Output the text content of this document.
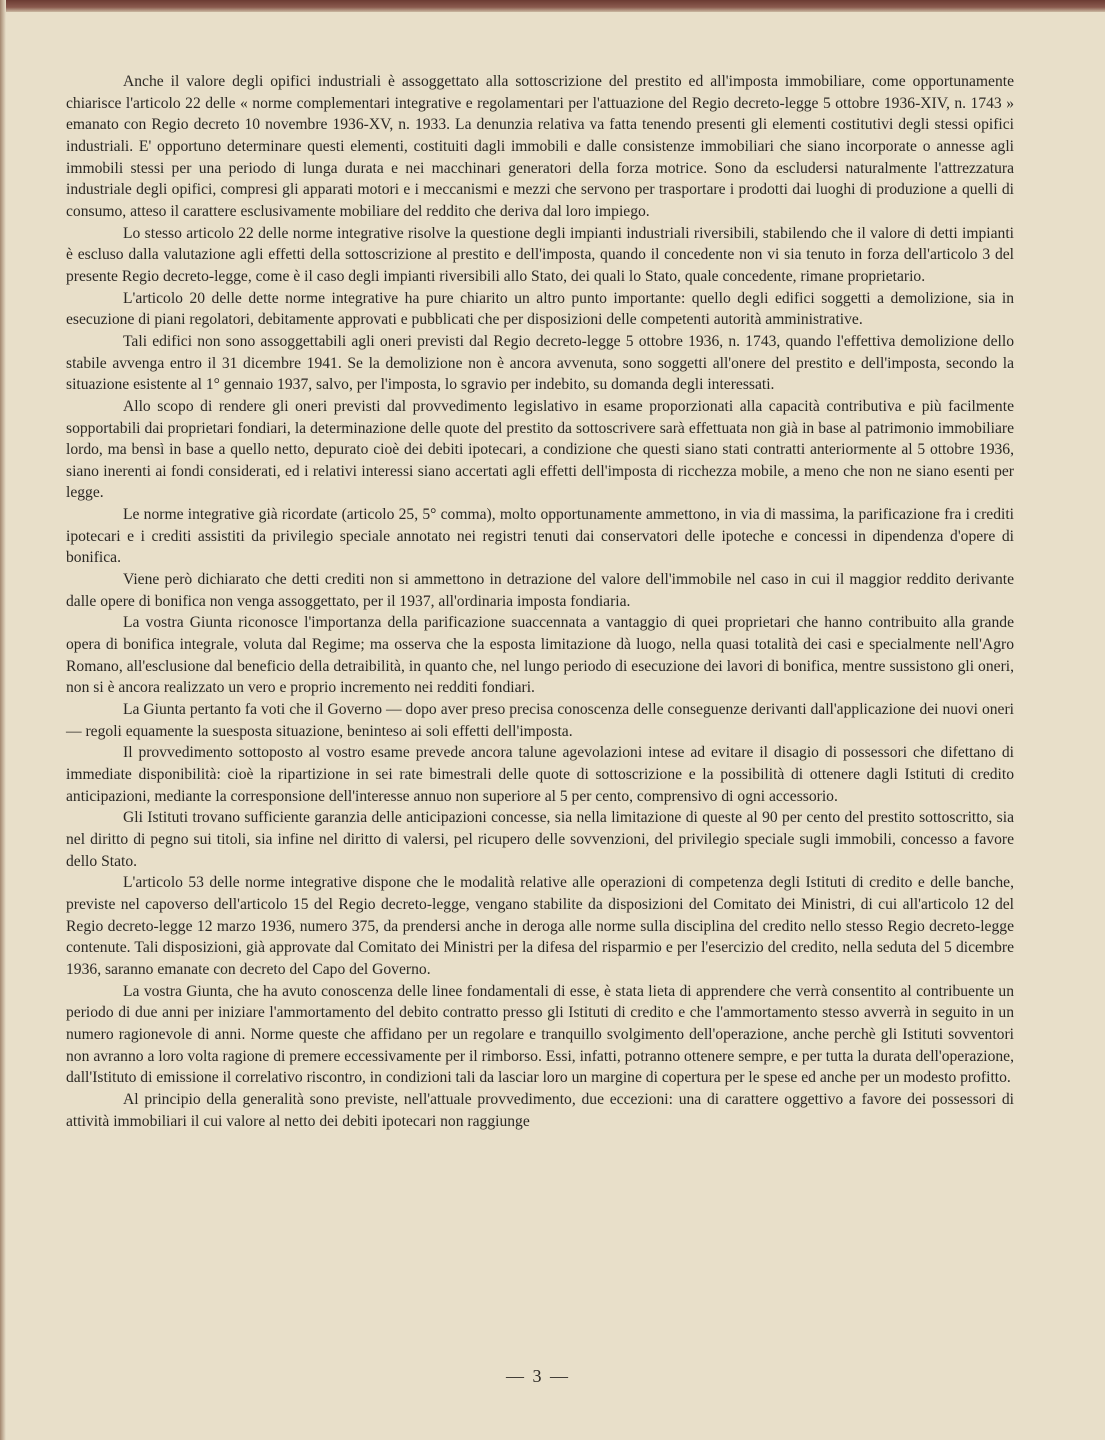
Anche il valore degli opifici industriali è assoggettato alla sottoscrizione del prestito ed all'imposta immobiliare, come opportunamente chiarisce l'articolo 22 delle « norme complementari integrative e regolamentari per l'attuazione del Regio decreto-legge 5 ottobre 1936-XIV, n. 1743 » emanato con Regio decreto 10 novembre 1936-XV, n. 1933. La denunzia relativa va fatta tenendo presenti gli elementi costitutivi degli stessi opifici industriali. E' opportuno determinare questi elementi, costituiti dagli immobili e dalle consistenze immobiliari che siano incorporate o annesse agli immobili stessi per una periodo di lunga durata e nei macchinari generatori della forza motrice. Sono da escludersi naturalmente l'attrezzatura industriale degli opifici, compresi gli apparati motori e i meccanismi e mezzi che servono per trasportare i prodotti dai luoghi di produzione a quelli di consumo, atteso il carattere esclusivamente mobiliare del reddito che deriva dal loro impiego.

Lo stesso articolo 22 delle norme integrative risolve la questione degli impianti industriali riversibili, stabilendo che il valore di detti impianti è escluso dalla valutazione agli effetti della sottoscrizione al prestito e dell'imposta, quando il concedente non vi sia tenuto in forza dell'articolo 3 del presente Regio decreto-legge, come è il caso degli impianti riversibili allo Stato, dei quali lo Stato, quale concedente, rimane proprietario.

L'articolo 20 delle dette norme integrative ha pure chiarito un altro punto importante: quello degli edifici soggetti a demolizione, sia in esecuzione di piani regolatori, debitamente approvati e pubblicati che per disposizioni delle competenti autorità amministrative.

Tali edifici non sono assoggettabili agli oneri previsti dal Regio decreto-legge 5 ottobre 1936, n. 1743, quando l'effettiva demolizione dello stabile avvenga entro il 31 dicembre 1941. Se la demolizione non è ancora avvenuta, sono soggetti all'onere del prestito e dell'imposta, secondo la situazione esistente al 1° gennaio 1937, salvo, per l'imposta, lo sgravio per indebito, su domanda degli interessati.

Allo scopo di rendere gli oneri previsti dal provvedimento legislativo in esame proporzionati alla capacità contributiva e più facilmente sopportabili dai proprietari fondiari, la determinazione delle quote del prestito da sottoscrivere sarà effettuata non già in base al patrimonio immobiliare lordo, ma bensì in base a quello netto, depurato cioè dei debiti ipotecari, a condizione che questi siano stati contratti anteriormente al 5 ottobre 1936, siano inerenti ai fondi considerati, ed i relativi interessi siano accertati agli effetti dell'imposta di ricchezza mobile, a meno che non ne siano esenti per legge.

Le norme integrative già ricordate (articolo 25, 5° comma), molto opportunamente ammettono, in via di massima, la parificazione fra i crediti ipotecari e i crediti assistiti da privilegio speciale annotato nei registri tenuti dai conservatori delle ipoteche e concessi in dipendenza d'opere di bonifica.

Viene però dichiarato che detti crediti non si ammettono in detrazione del valore dell'immobile nel caso in cui il maggior reddito derivante dalle opere di bonifica non venga assoggettato, per il 1937, all'ordinaria imposta fondiaria.

La vostra Giunta riconosce l'importanza della parificazione suaccennata a vantaggio di quei proprietari che hanno contribuito alla grande opera di bonifica integrale, voluta dal Regime; ma osserva che la esposta limitazione dà luogo, nella quasi totalità dei casi e specialmente nell'Agro Romano, all'esclusione dal beneficio della detraibilità, in quanto che, nel lungo periodo di esecuzione dei lavori di bonifica, mentre sussistono gli oneri, non si è ancora realizzato un vero e proprio incremento nei redditi fondiari.

La Giunta pertanto fa voti che il Governo — dopo aver preso precisa conoscenza delle conseguenze derivanti dall'applicazione dei nuovi oneri — regoli equamente la suesposta situazione, beninteso ai soli effetti dell'imposta.

Il provvedimento sottoposto al vostro esame prevede ancora talune agevolazioni intese ad evitare il disagio di possessori che difettano di immediate disponibilità: cioè la ripartizione in sei rate bimestrali delle quote di sottoscrizione e la possibilità di ottenere dagli Istituti di credito anticipazioni, mediante la corresponsione dell'interesse annuo non superiore al 5 per cento, comprensivo di ogni accessorio.

Gli Istituti trovano sufficiente garanzia delle anticipazioni concesse, sia nella limitazione di queste al 90 per cento del prestito sottoscritto, sia nel diritto di pegno sui titoli, sia infine nel diritto di valersi, pel ricupero delle sovvenzioni, del privilegio speciale sugli immobili, concesso a favore dello Stato.

L'articolo 53 delle norme integrative dispone che le modalità relative alle operazioni di competenza degli Istituti di credito e delle banche, previste nel capoverso dell'articolo 15 del Regio decreto-legge, vengano stabilite da disposizioni del Comitato dei Ministri, di cui all'articolo 12 del Regio decreto-legge 12 marzo 1936, numero 375, da prendersi anche in deroga alle norme sulla disciplina del credito nello stesso Regio decreto-legge contenute. Tali disposizioni, già approvate dal Comitato dei Ministri per la difesa del risparmio e per l'esercizio del credito, nella seduta del 5 dicembre 1936, saranno emanate con decreto del Capo del Governo.

La vostra Giunta, che ha avuto conoscenza delle linee fondamentali di esse, è stata lieta di apprendere che verrà consentito al contribuente un periodo di due anni per iniziare l'ammortamento del debito contratto presso gli Istituti di credito e che l'ammortamento stesso avverrà in seguito in un numero ragionevole di anni. Norme queste che affidano per un regolare e tranquillo svolgimento dell'operazione, anche perchè gli Istituti sovventori non avranno a loro volta ragione di premere eccessivamente per il rimborso. Essi, infatti, potranno ottenere sempre, e per tutta la durata dell'operazione, dall'Istituto di emissione il correlativo riscontro, in condizioni tali da lasciar loro un margine di copertura per le spese ed anche per un modesto profitto.

Al principio della generalità sono previste, nell'attuale provvedimento, due eccezioni: una di carattere oggettivo a favore dei possessori di attività immobiliari il cui valore al netto dei debiti ipotecari non raggiunge

— 3 —
